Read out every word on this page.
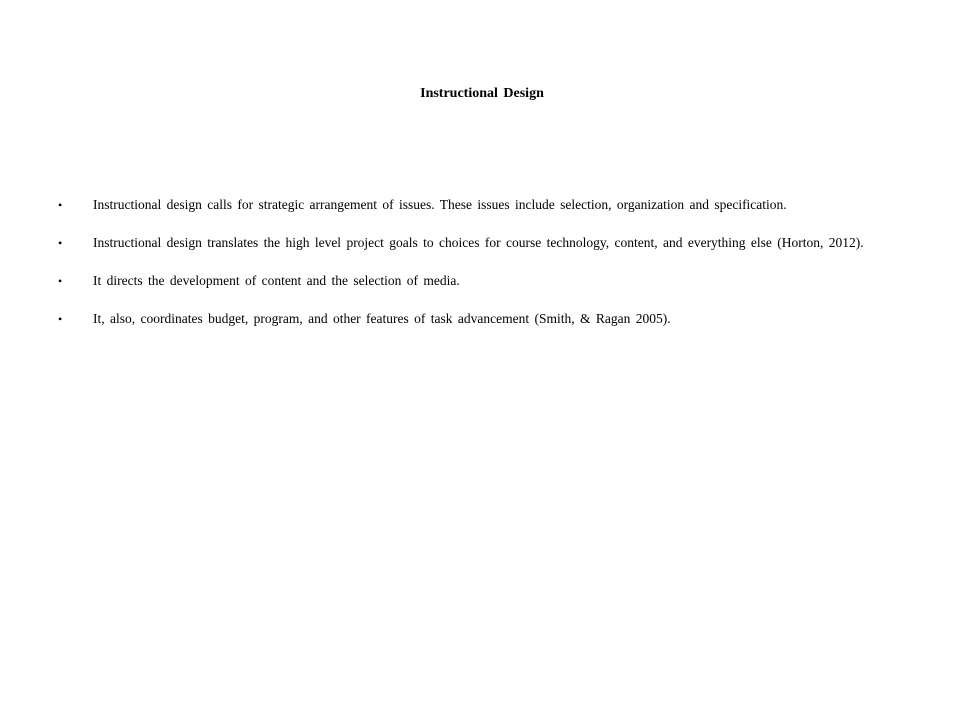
Instructional Design
•	Instructional design calls for strategic arrangement of issues. These issues include selection, organization and specification.
•	Instructional design translates the high level project goals to choices for course technology, content, and everything else (Horton, 2012).
•	It directs the development of content and the selection of media.
•	It, also, coordinates budget, program, and other features of task advancement (Smith, & Ragan 2005).
